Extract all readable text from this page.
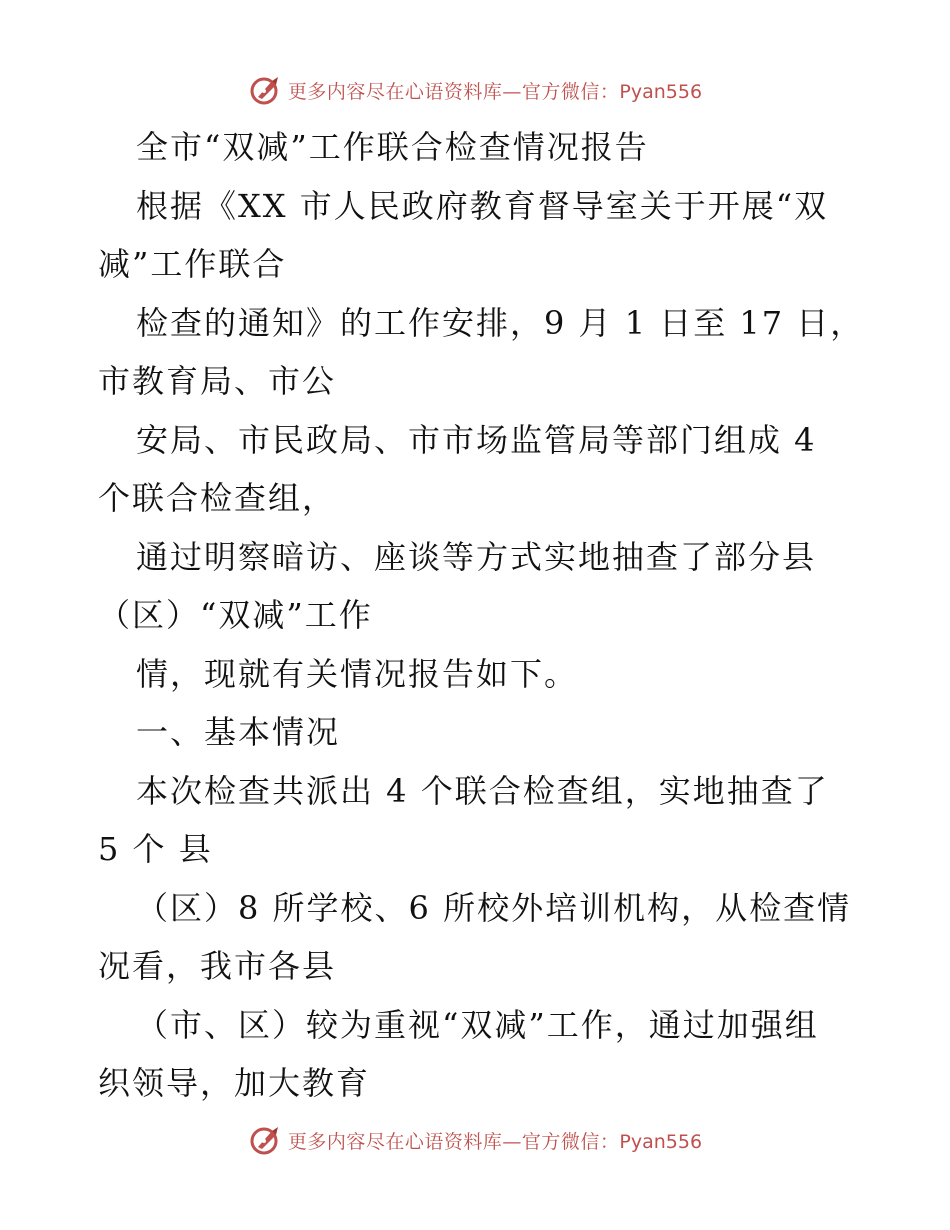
更多内容尽在心语资料库—官方微信：Pyan556
全市“双减”工作联合检查情况报告
根据《XX 市人民政府教育督导室关于开展“双
减”工作联合
检查的通知》的工作安排，9 月 1 日至 17 日，
市教育局、市公
安局、市民政局、市市场监管局等部门组成 4
个联合检查组，
通过明察暗访、座谈等方式实地抽查了部分县
（区）“双减”工作
情，现就有关情况报告如下。
一、基本情况
本次检查共派出 4 个联合检查组，实地抽查了
5 个 县
（区）8 所学校、6 所校外培训机构，从检查情
况看，我市各县
（市、区）较为重视“双减”工作，通过加强组
织领导，加大教育
更多内容尽在心语资料库—官方微信：Pyan556
